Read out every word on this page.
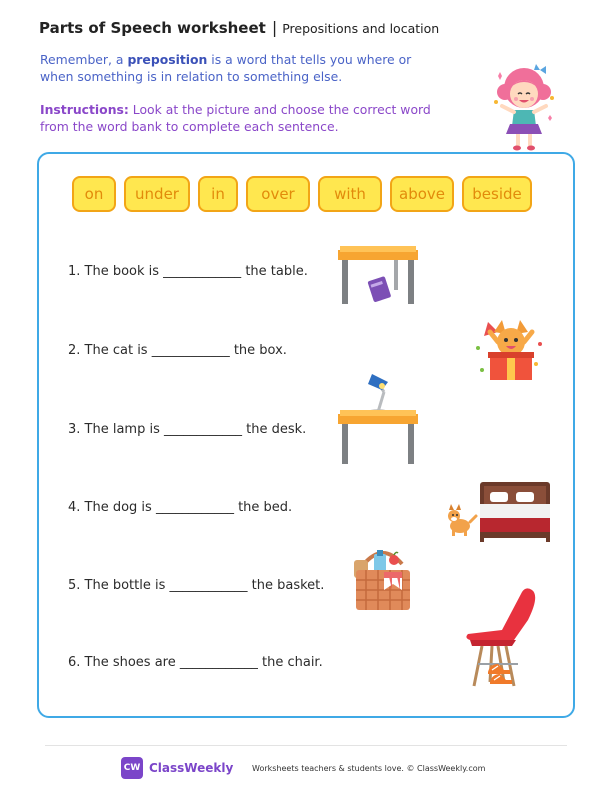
Parts of Speech worksheet | Prepositions and location

Remember, a preposition is a word that tells you where or when something is in relation to something else.

Instructions: Look at the picture and choose the correct word from the word bank to complete each sentence.

on	under	in	over	with	above	beside
1. The book is ____________ the table.
2. The cat is ____________ the box.
3. The lamp is ____________ the desk.
4. The dog is ____________ the bed.
5. The bottle is ____________ the basket.
6. The shoes are ____________ the chair.
CW ClassWeekly Worksheets teachers & students love. © ClassWeekly.com
